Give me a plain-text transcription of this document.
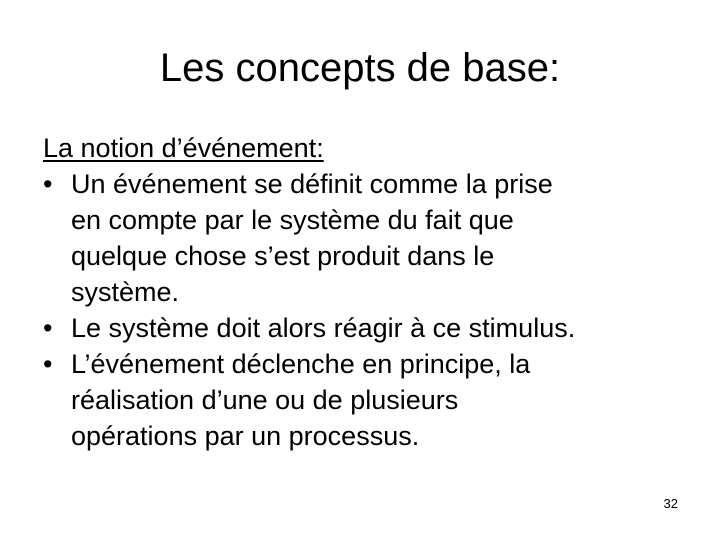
Les concepts de base:
La notion d’événement:
• Un événement se définit comme la prise
en compte par le système du fait que
quelque chose s’est produit dans le
système.
• Le système doit alors réagir à ce stimulus.
• L’événement déclenche en principe, la
réalisation d’une ou de plusieurs
opérations par un processus.
32
